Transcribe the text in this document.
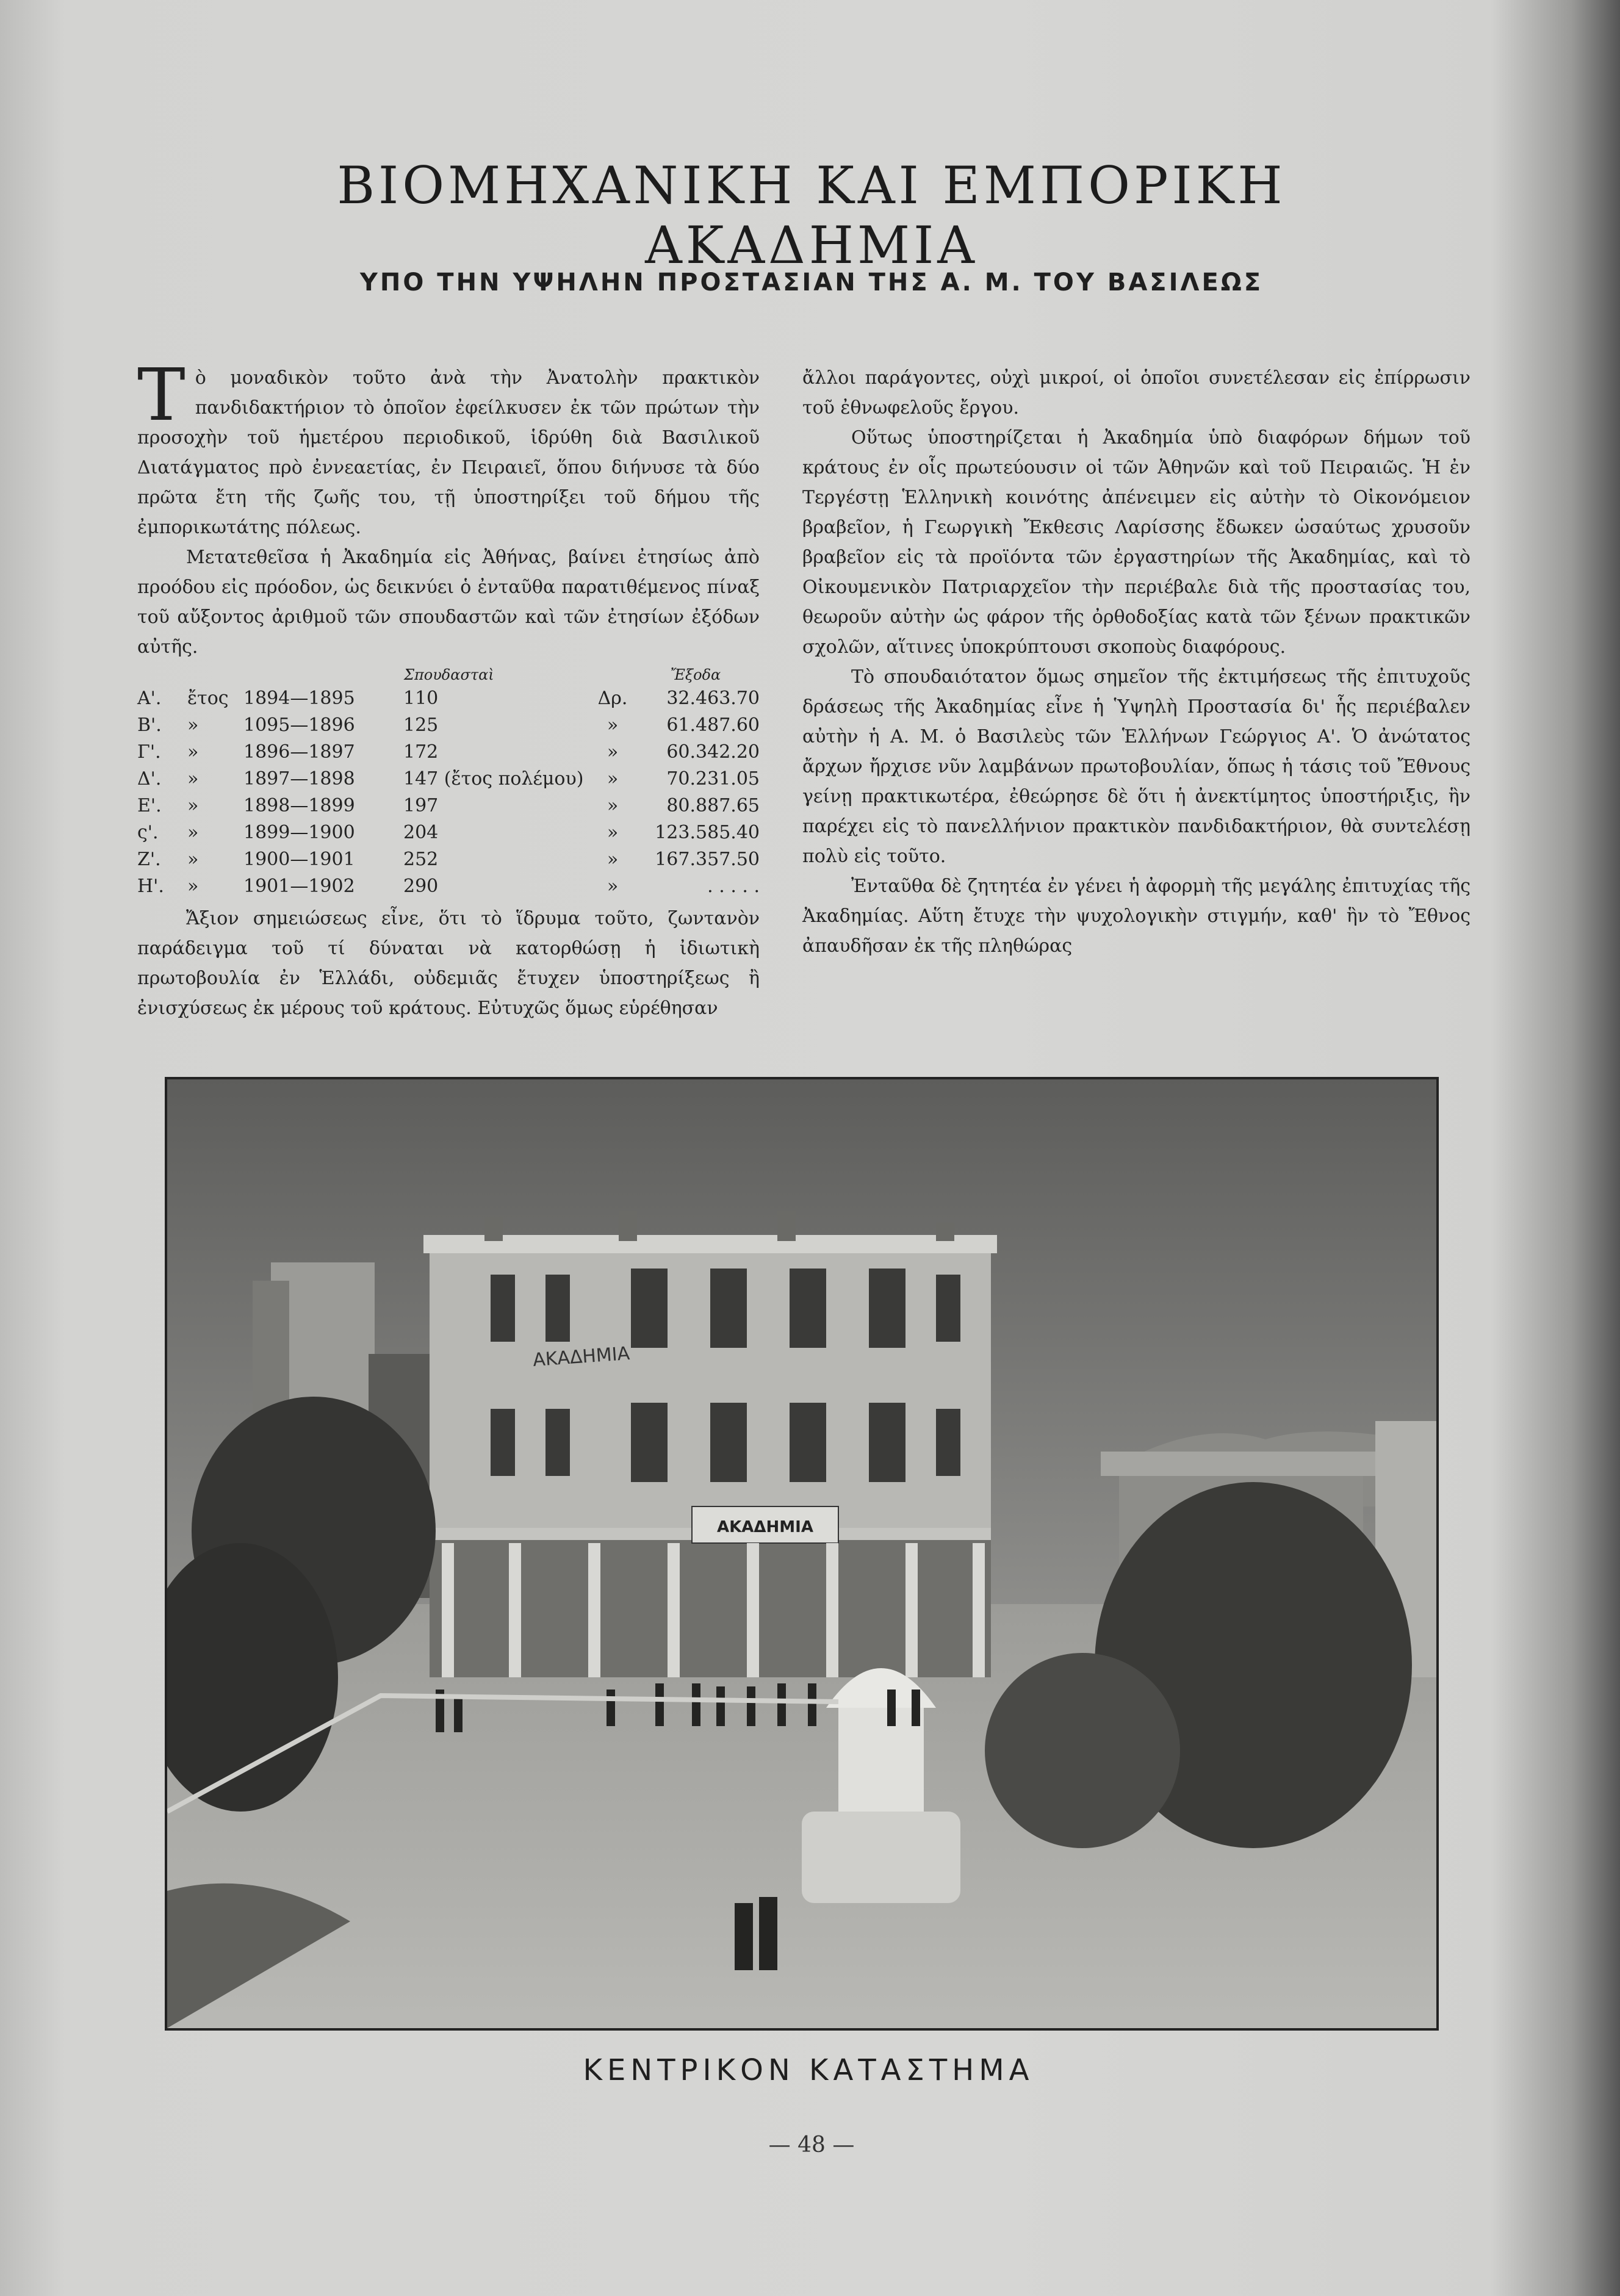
ΒΙΟΜΗΧΑΝΙΚΗ ΚΑΙ ΕΜΠΟΡΙΚΗ ΑΚΑΔΗΜΙΑ
ΥΠΟ ΤΗΝ ΥΨΗΛΗΝ ΠΡΟΣΤΑΣΙΑΝ ΤΗΣ Α. Μ. ΤΟΥ ΒΑΣΙΛΕΩΣ

Τὸ μοναδικὸν τοῦτο ἀνὰ τὴν Ἀνατολὴν πρακτικὸν πανδιδακτήριον τὸ ὁποῖον ἐφείλκυσεν ἐκ τῶν πρώτων τὴν προσοχὴν τοῦ ἡμετέρου περιοδικοῦ, ἱδρύθη διὰ Βασιλικοῦ Διατάγματος πρὸ ἐννεαετίας, ἐν Πειραιεῖ, ὅπου διήνυσε τὰ δύο πρῶτα ἔτη τῆς ζωῆς του, τῇ ὑποστηρίξει τοῦ δήμου τῆς ἐμπορικωτάτης πόλεως.

Μετατεθεῖσα ἡ Ἀκαδημία εἰς Ἀθήνας, βαίνει ἐτησίως ἀπὸ προόδου εἰς πρόοδον, ὡς δεικνύει ὁ ἐνταῦθα παρατιθέμενος πίναξ τοῦ αὔξοντος ἀριθμοῦ τῶν σπουδαστῶν καὶ τῶν ἐτησίων ἐξόδων αὐτῆς.

			Σπουδασταὶ		Ἔξοδα
Α'.	ἔτος	1894—1895	110	Δρ.	32.463.70
Β'.	»	1095—1896	125	»	61.487.60
Γ'.	»	1896—1897	172	»	60.342.20
Δ'.	»	1897—1898	147 (ἔτος πολέμου)	»	70.231.05
Ε'.	»	1898—1899	197	»	80.887.65
ς'.	»	1899—1900	204	»	123.585.40
Ζ'.	»	1900—1901	252	»	167.357.50
Η'.	»	1901—1902	290	»	. . . . .

Ἄξιον σημειώσεως εἶνε, ὅτι τὸ ἵδρυμα τοῦτο, ζωντανὸν παράδειγμα τοῦ τί δύναται νὰ κατορθώσῃ ἡ ἰδιωτικὴ πρωτοβουλία ἐν Ἑλλάδι, οὐδεμιᾶς ἔτυχεν ὑποστηρίξεως ἢ ἐνισχύσεως ἐκ μέρους τοῦ κράτους. Εὐτυχῶς ὅμως εὑρέθησαν

ἄλλοι παράγοντες, οὐχὶ μικροί, οἱ ὁποῖοι συνετέλεσαν εἰς ἐπίρρωσιν τοῦ ἐθνωφελοῦς ἔργου.

Οὕτως ὑποστηρίζεται ἡ Ἀκαδημία ὑπὸ διαφόρων δήμων τοῦ κράτους ἐν οἷς πρωτεύουσιν οἱ τῶν Ἀθηνῶν καὶ τοῦ Πειραιῶς. Ἡ ἐν Τεργέστῃ Ἑλληνικὴ κοινότης ἀπένειμεν εἰς αὐτὴν τὸ Οἰκονόμειον βραβεῖον, ἡ Γεωργικὴ Ἔκθεσις Λαρίσσης ἔδωκεν ὡσαύτως χρυσοῦν βραβεῖον εἰς τὰ προϊόντα τῶν ἐργαστηρίων τῆς Ἀκαδημίας, καὶ τὸ Οἰκουμενικὸν Πατριαρχεῖον τὴν περιέβαλε διὰ τῆς προστασίας του, θεωροῦν αὐτὴν ὡς φάρον τῆς ὀρθοδοξίας κατὰ τῶν ξένων πρακτικῶν σχολῶν, αἵτινες ὑποκρύπτουσι σκοποὺς διαφόρους.

Τὸ σπουδαιότατον ὅμως σημεῖον τῆς ἐκτιμήσεως τῆς ἐπιτυχοῦς δράσεως τῆς Ἀκαδημίας εἶνε ἡ Ὑψηλὴ Προστασία δι' ἧς περιέβαλεν αὐτὴν ἡ Α. Μ. ὁ Βασιλεὺς τῶν Ἑλλήνων Γεώργιος Α'. Ὁ ἀνώτατος ἄρχων ἤρχισε νῦν λαμβάνων πρωτοβουλίαν, ὅπως ἡ τάσις τοῦ Ἔθνους γείνῃ πρακτικωτέρα, ἐθεώρησε δὲ ὅτι ἡ ἀνεκτίμητος ὑποστήριξις, ἣν παρέχει εἰς τὸ πανελλήνιον πρακτικὸν πανδιδακτήριον, θὰ συντελέσῃ πολὺ εἰς τοῦτο.

Ἐνταῦθα δὲ ζητητέα ἐν γένει ἡ ἀφορμὴ τῆς μεγάλης ἐπιτυχίας τῆς Ἀκαδημίας. Αὕτη ἔτυχε τὴν ψυχολογικὴν στιγμήν, καθ' ἣν τὸ Ἔθνος ἀπαυδῆσαν ἐκ τῆς πληθώρας

ΑΚΑΔΗΜΙΑ
ΑΚΑΔΗΜΙΑ

ΚΕΝΤΡΙΚΟΝ ΚΑΤΑΣΤΗΜΑ

— 48 —
